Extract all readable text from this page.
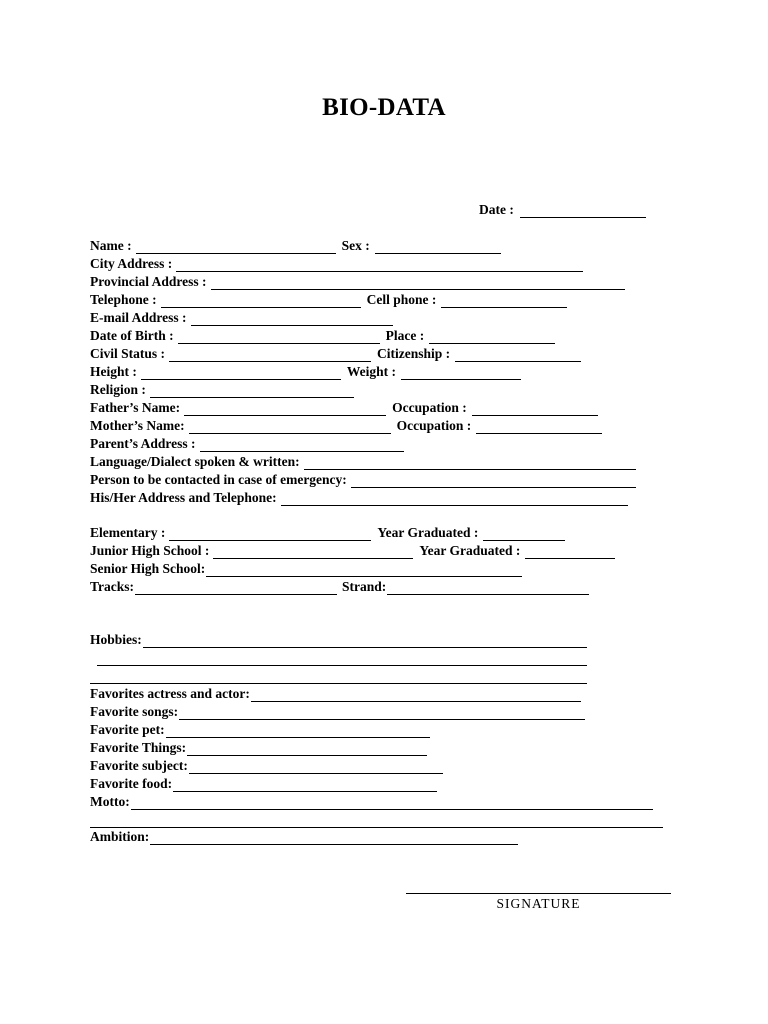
BIO-DATA
Date :
Name :	Sex :
City Address :
Provincial Address :
Telephone :	Cell phone :
E-mail Address :
Date of Birth :	Place :
Civil Status :	Citizenship :
Height :	Weight :
Religion :
Father’s Name:	Occupation :
Mother’s Name:	Occupation :
Parent’s Address :
Language/Dialect spoken & written:
Person to be contacted in case of emergency:
His/Her Address and Telephone:
Elementary :	Year Graduated :
Junior High School :	Year Graduated :
Senior High School:
Tracks:	Strand:
Hobbies:
Favorites actress and actor:
Favorite songs:
Favorite pet:
Favorite Things:
Favorite subject:
Favorite food:
Motto:
Ambition:
SIGNATURE
